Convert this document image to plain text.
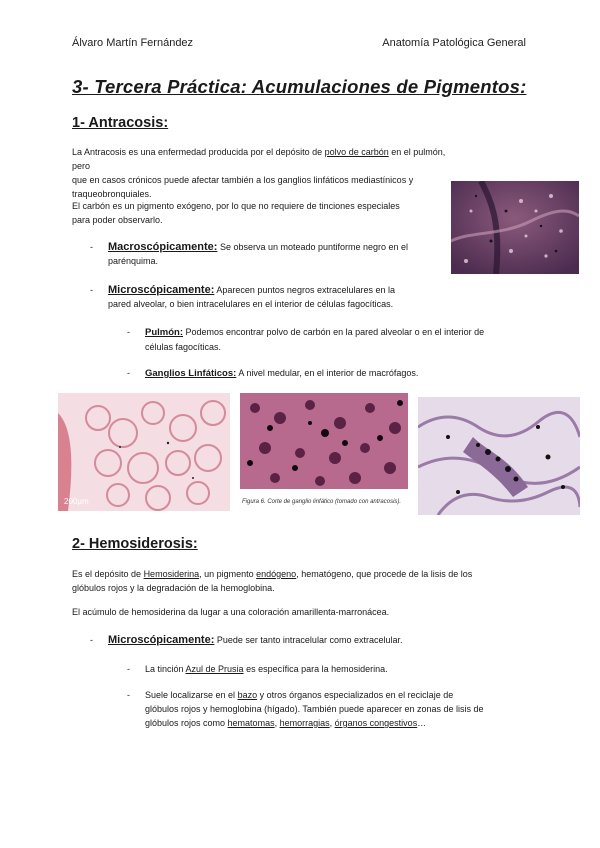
Álvaro Martín Fernández	Anatomía Patológica General
3- Tercera Práctica: Acumulaciones de Pigmentos:
1- Antracosis:
La Antracosis es una enfermedad producida por el depósito de polvo de carbón en el pulmón, pero
que en casos crónicos puede afectar también a los ganglios linfáticos mediastínicos y
traqueobronquiales.
El carbón es un pigmento exógeno, por lo que no requiere de tinciones especiales
para poder observarlo.
- Macroscópicamente: Se observa un moteado puntiforme negro en el
parénquima.
- Microscópicamente: Aparecen puntos negros extracelulares en la
pared alveolar, o bien intracelulares en el interior de células fagocíticas.
- Pulmón: Podemos encontrar polvo de carbón en la pared alveolar o en el interior de
células fagocíticas.
- Ganglios Linfáticos: A nivel medular, en el interior de macrófagos.
200μm	Figura 6. Corte de ganglio linfático (tomado con antracosis).
2- Hemosiderosis:
Es el depósito de Hemosiderina, un pigmento endógeno, hematógeno, que procede de la lisis de los
glóbulos rojos y la degradación de la hemoglobina.
El acúmulo de hemosiderina da lugar a una coloración amarillenta-marronácea.
- Microscópicamente: Puede ser tanto intracelular como extracelular.
- La tinción Azul de Prusia es específica para la hemosiderina.
- Suele localizarse en el bazo y otros órganos especializados en el reciclaje de
glóbulos rojos y hemoglobina (hígado). También puede aparecer en zonas de lisis de
glóbulos rojos como hematomas, hemorragias, órganos congestivos…
